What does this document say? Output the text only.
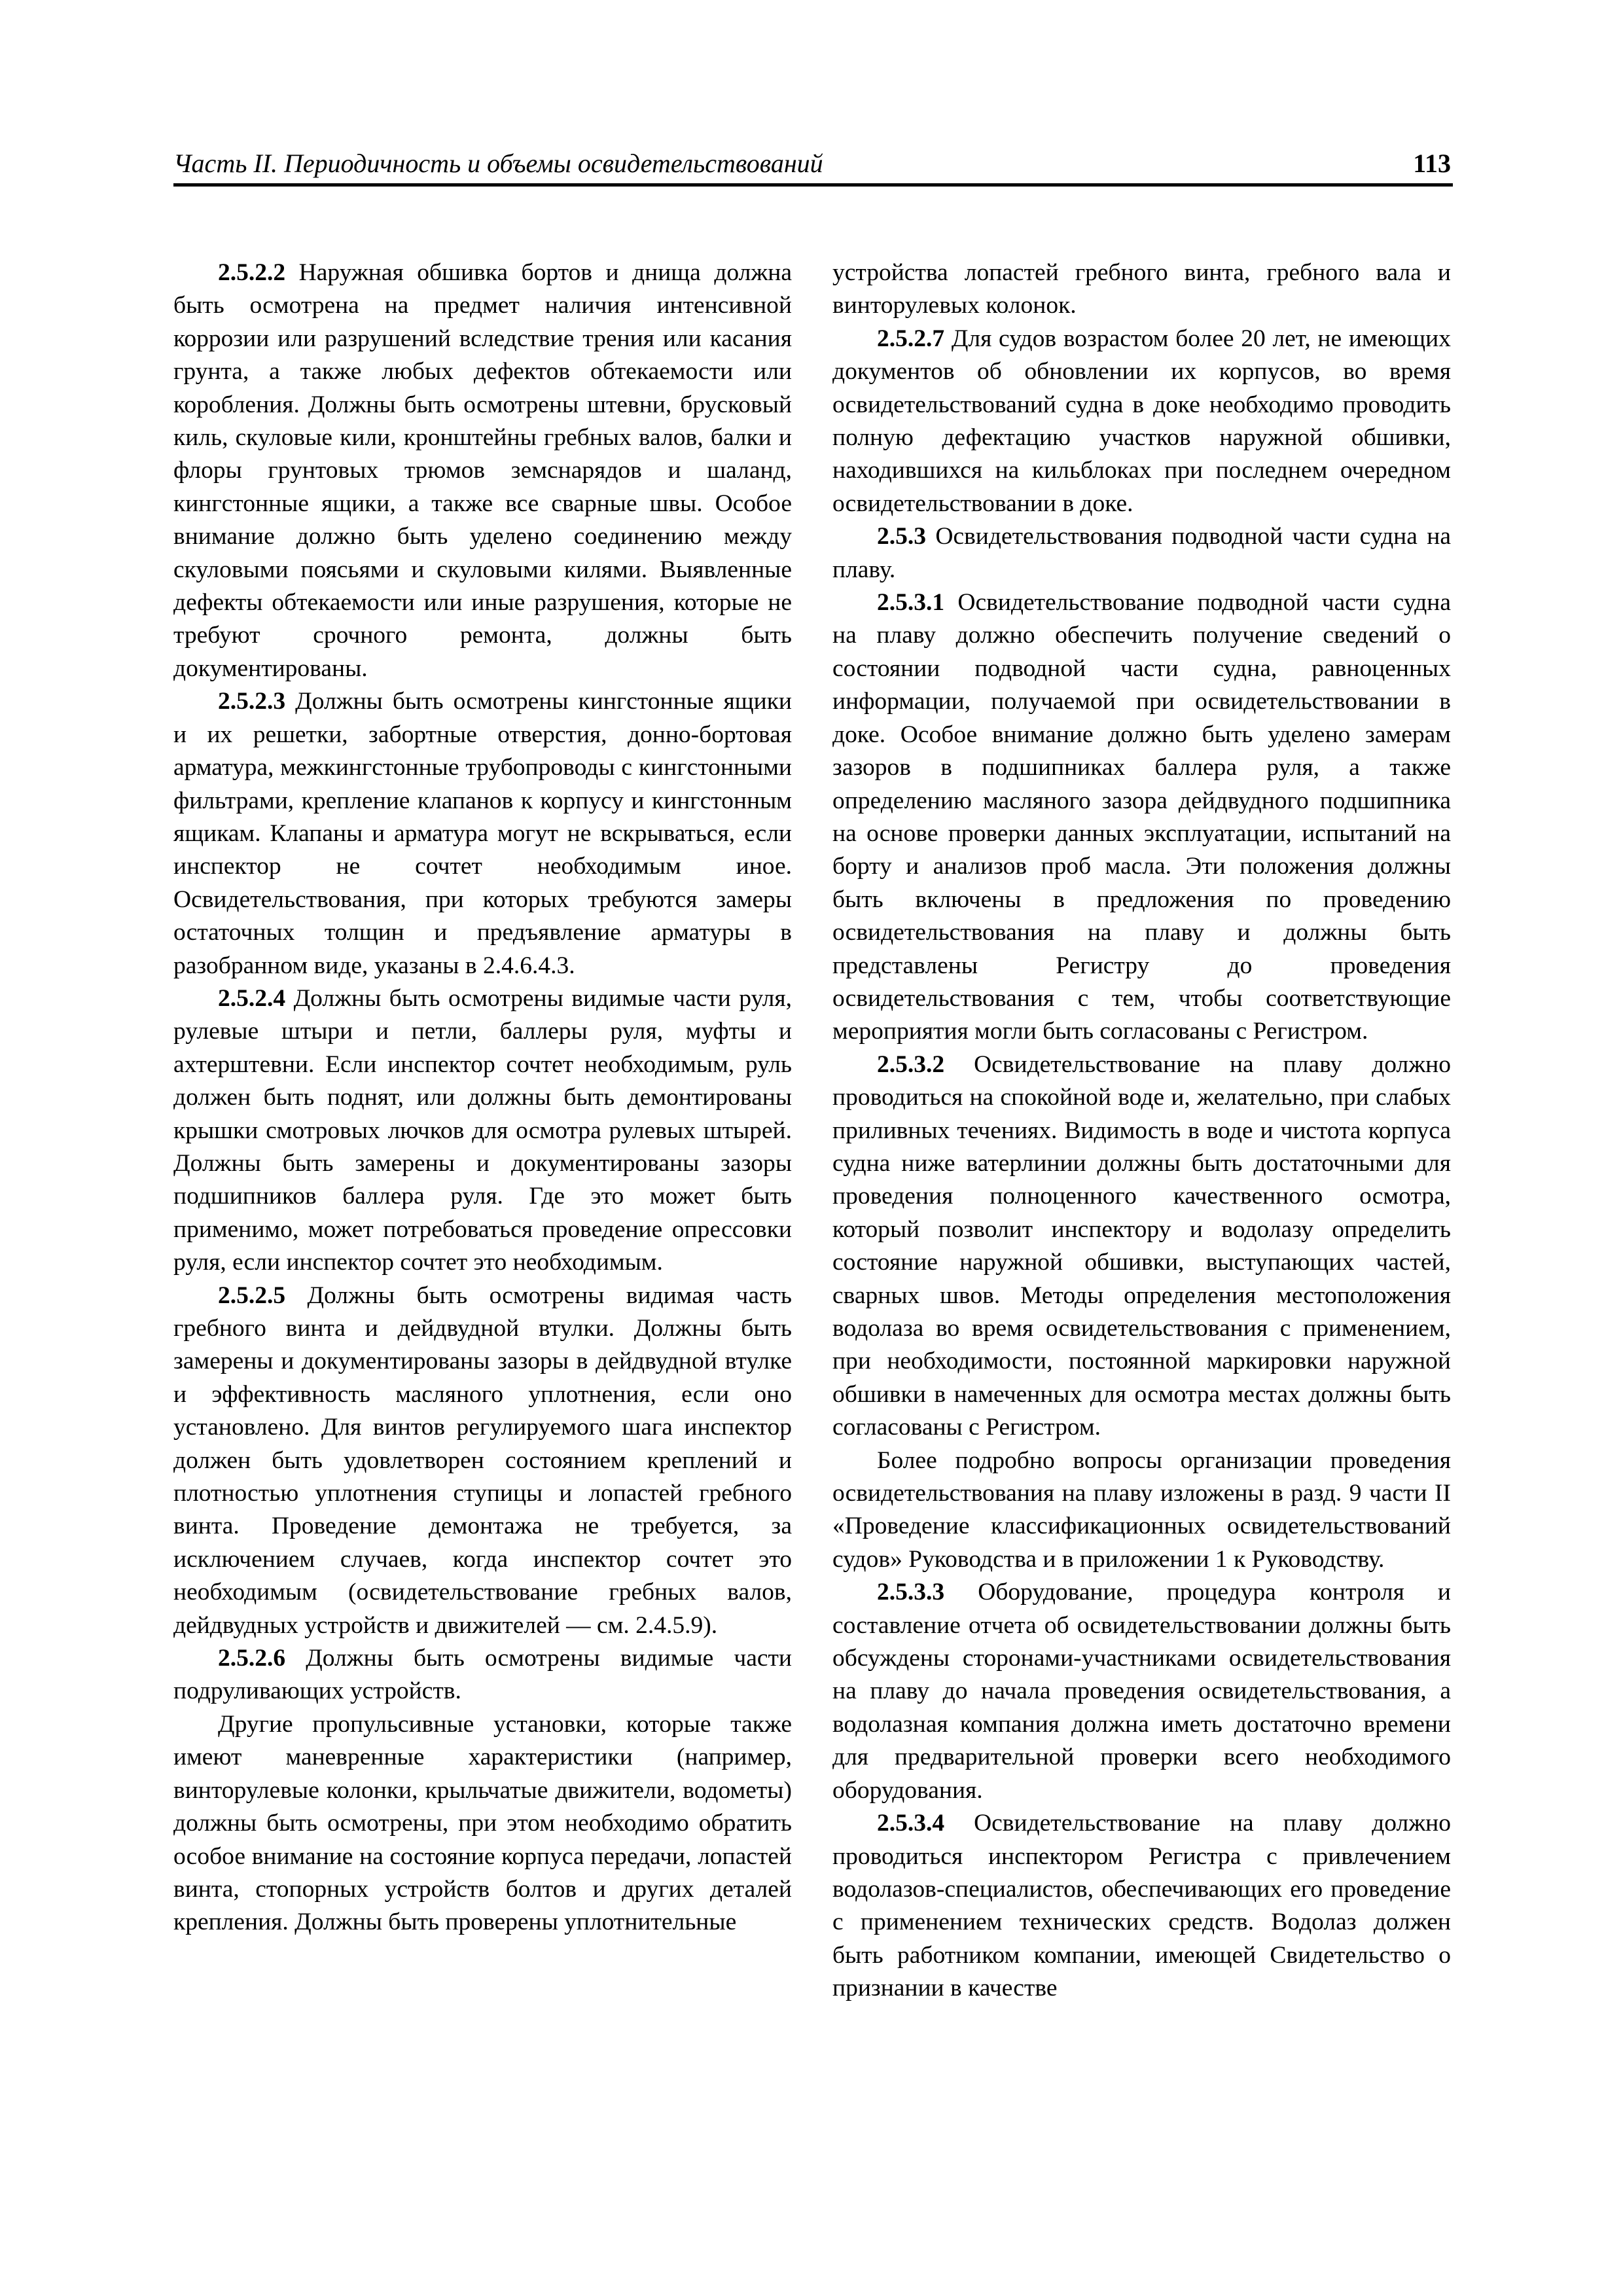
Часть II. Периодичность и объемы освидетельствований	113

2.5.2.2 Наружная обшивка бортов и днища должна быть осмотрена на предмет наличия интенсивной коррозии или разрушений вследствие трения или касания грунта, а также любых дефектов обтекаемости или коробления. Должны быть осмотрены штевни, брусковый киль, скуловые кили, кронштейны гребных валов, балки и флоры грунтовых трюмов земснарядов и шаланд, кингстонные ящики, а также все сварные швы. Особое внимание должно быть уделено соединению между скуловыми поясьями и скуловыми килями. Выявленные дефекты обтекаемости или иные разрушения, которые не требуют срочного ремонта, должны быть документированы.

2.5.2.3 Должны быть осмотрены кингстонные ящики и их решетки, забортные отверстия, донно-бортовая арматура, межкингстонные трубопроводы с кингстонными фильтрами, крепление клапанов к корпусу и кингстонным ящикам. Клапаны и арматура могут не вскрываться, если инспектор не сочтет необходимым иное. Освидетельствования, при которых требуются замеры остаточных толщин и предъявление арматуры в разобранном виде, указаны в 2.4.6.4.3.

2.5.2.4 Должны быть осмотрены видимые части руля, рулевые штыри и петли, баллеры руля, муфты и ахтерштевни. Если инспектор сочтет необходимым, руль должен быть поднят, или должны быть демонтированы крышки смотровых лючков для осмотра рулевых штырей. Должны быть замерены и документированы зазоры подшипников баллера руля. Где это может быть применимо, может потребоваться проведение опрессовки руля, если инспектор сочтет это необходимым.

2.5.2.5 Должны быть осмотрены видимая часть гребного винта и дейдвудной втулки. Должны быть замерены и документированы зазоры в дейдвудной втулке и эффективность масляного уплотнения, если оно установлено. Для винтов регулируемого шага инспектор должен быть удовлетворен состоянием креплений и плотностью уплотнения ступицы и лопастей гребного винта. Проведение демонтажа не требуется, за исключением случаев, когда инспектор сочтет это необходимым (освидетельствование гребных валов, дейдвудных устройств и движителей — см. 2.4.5.9).

2.5.2.6 Должны быть осмотрены видимые части подруливающих устройств.

Другие пропульсивные установки, которые также имеют маневренные характеристики (например, винторулевые колонки, крыльчатые движители, водометы) должны быть осмотрены, при этом необходимо обратить особое внимание на состояние корпуса передачи, лопастей винта, стопорных устройств болтов и других деталей крепления. Должны быть проверены уплотнительные

устройства лопастей гребного винта, гребного вала и винторулевых колонок.

2.5.2.7 Для судов возрастом более 20 лет, не имеющих документов об обновлении их корпусов, во время освидетельствований судна в доке необходимо проводить полную дефектацию участков наружной обшивки, находившихся на кильблоках при последнем очередном освидетельствовании в доке.

2.5.3 Освидетельствования подводной части судна на плаву.

2.5.3.1 Освидетельствование подводной части судна на плаву должно обеспечить получение сведений о состоянии подводной части судна, равноценных информации, получаемой при освидетельствовании в доке. Особое внимание должно быть уделено замерам зазоров в подшипниках баллера руля, а также определению масляного зазора дейдвудного подшипника на основе проверки данных эксплуатации, испытаний на борту и анализов проб масла. Эти положения должны быть включены в предложения по проведению освидетельствования на плаву и должны быть представлены Регистру до проведения освидетельствования с тем, чтобы соответствующие мероприятия могли быть согласованы с Регистром.

2.5.3.2 Освидетельствование на плаву должно проводиться на спокойной воде и, желательно, при слабых приливных течениях. Видимость в воде и чистота корпуса судна ниже ватерлинии должны быть достаточными для проведения полноценного качественного осмотра, который позволит инспектору и водолазу определить состояние наружной обшивки, выступающих частей, сварных швов. Методы определения местоположения водолаза во время освидетельствования с применением, при необходимости, постоянной маркировки наружной обшивки в намеченных для осмотра местах должны быть согласованы с Регистром.

Более подробно вопросы организации проведения освидетельствования на плаву изложены в разд. 9 части II «Проведение классификационных освидетельствований судов» Руководства и в приложении 1 к Руководству.

2.5.3.3 Оборудование, процедура контроля и составление отчета об освидетельствовании должны быть обсуждены сторонами-участниками освидетельствования на плаву до начала проведения освидетельствования, а водолазная компания должна иметь достаточно времени для предварительной проверки всего необходимого оборудования.

2.5.3.4 Освидетельствование на плаву должно проводиться инспектором Регистра с привлечением водолазов-специалистов, обеспечивающих его проведение с применением технических средств. Водолаз должен быть работником компании, имеющей Свидетельство о признании в качестве
